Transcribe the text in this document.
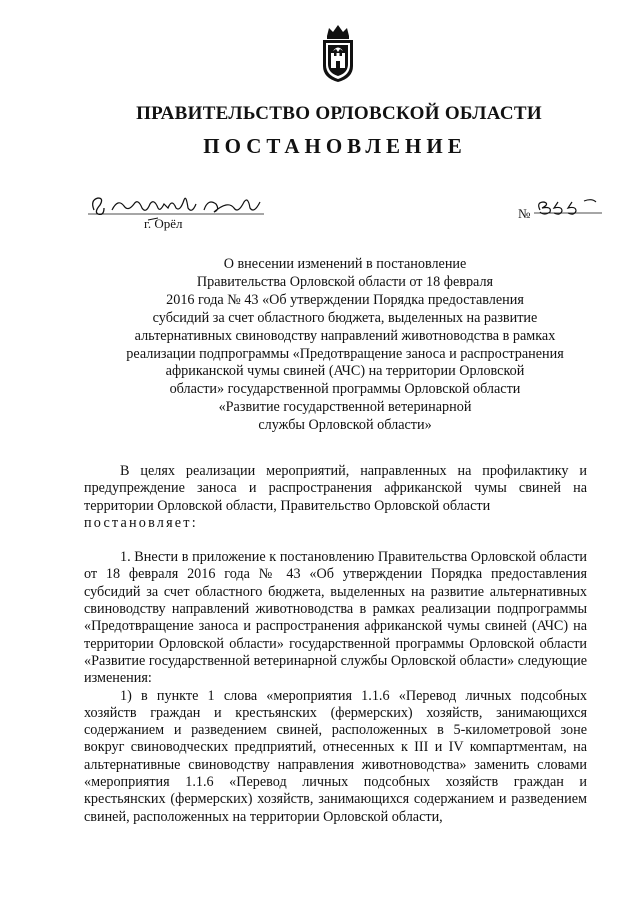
ПРАВИТЕЛЬСТВО ОРЛОВСКОЙ ОБЛАСТИ
ПОСТАНОВЛЕНИЕ
г. Орёл
№
О внесении изменений в постановление
Правительства Орловской области от 18 февраля
2016 года № 43 «Об утверждении Порядка предоставления
субсидий за счет областного бюджета, выделенных на развитие
альтернативных свиноводству направлений животноводства в рамках
реализации подпрограммы «Предотвращение заноса и распространения
африканской чумы свиней (АЧС) на территории Орловской
области» государственной программы Орловской области
«Развитие государственной ветеринарной
службы Орловской области»

В целях реализации мероприятий, направленных на профилактику и предупреждение заноса и распространения африканской чумы свиней на территории Орловской области, Правительство Орловской области

постановляет:

1. Внести в приложение к постановлению Правительства Орловской области от 18 февраля 2016 года № 43 «Об утверждении Порядка предоставления субсидий за счет областного бюджета, выделенных на развитие альтернативных свиноводству направлений животноводства в рамках реализации подпрограммы «Предотвращение заноса и распространения африканской чумы свиней (АЧС) на территории Орловской области» государственной программы Орловской области «Развитие государственной ветеринарной службы Орловской области» следующие изменения:

1) в пункте 1 слова «мероприятия 1.1.6 «Перевод личных подсобных хозяйств граждан и крестьянских (фермерских) хозяйств, занимающихся содержанием и разведением свиней, расположенных в 5-километровой зоне вокруг свиноводческих предприятий, отнесенных к III и IV компартментам, на альтернативные свиноводству направления животноводства» заменить словами «мероприятия 1.1.6 «Перевод личных подсобных хозяйств граждан и крестьянских (фермерских) хозяйств, занимающихся содержанием и разведением свиней, расположенных на территории Орловской области,
